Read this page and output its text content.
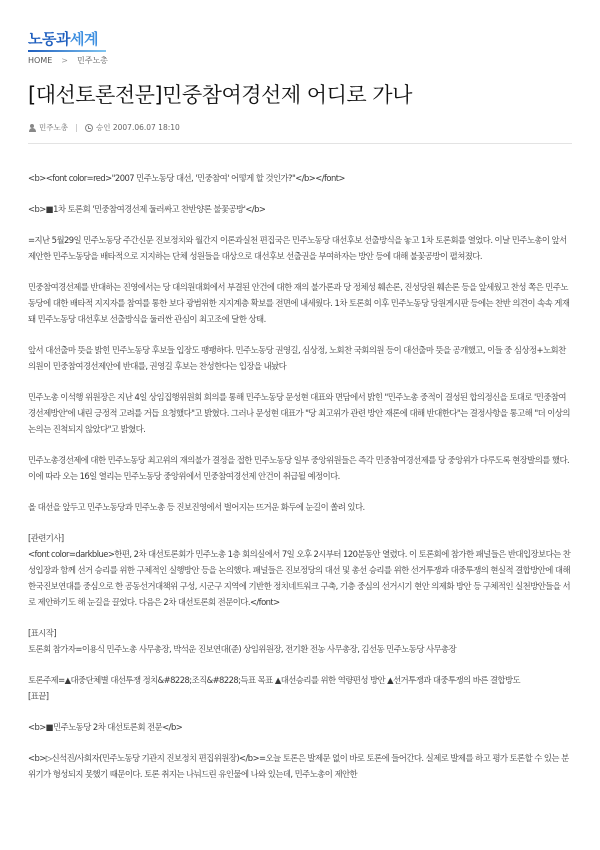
노동과세계
HOME > 민주노총
[대선토론전문]민중참여경선제 어디로 가나
민주노총	승인 2007.06.07 18:10

<b><font color=red>"2007 민주노동당 대선, '민중참여' 어떻게 할 것인가?"</b></font>

<b>■1차 토론회 '민중참여경선제 둘러싸고 찬반양론 불꽃공방'</b>

=지난 5월29일 민주노동당 주간신문 진보정치와 월간지 이론과실천 편집국은 민주노동당 대선후보 선출방식을 놓고 1차 토론회를 열었다. 이날 민주노총이 앞서 제안한 민주노동당을 배타적으로 지지하는 단체 성원들을 대상으로 대선후보 선출권을 부여하자는 방안 등에 대해 불꽃공방이 펼쳐졌다.

민중참여경선제를 반대하는 진영에서는 당 대의원대회에서 부결된 안건에 대한 재의 불가론과 당 정체성 훼손론, 진성당원 훼손론 등을 앞세웠고 찬성 쪽은 민주노동당에 대한 배타적 지지자를 참여를 통한 보다 광범위한 지지계층 확보를 전면에 내세웠다. 1차 토론회 이후 민주노동당 당원게시판 등에는 찬반 의견이 속속 게재돼 민주노동당 대선후보 선출방식을 둘러싼 관심이 최고조에 달한 상태.

앞서 대선출마 뜻을 밝힌 민주노동당 후보들 입장도 팽팽하다. 민주노동당 권영길, 심상정, 노회찬 국회의원 등이 대선출마 뜻을 공개했고, 이들 중 심상정+노회찬 의원이 민중참여경선제안에 반대를, 권영길 후보는 찬성한다는 입장을 내놨다

민주노총 이석행 위원장은 지난 4일 상임집행위원회 회의를 통해 민주노동당 문성현 대표와 면담에서 밝힌 "민주노총 중적이 결성된 합의정신을 토대로 '민중참여경선제방안'에 내린 긍정적 고려를 거듭 요청했다"고 밝혔다. 그러나 문성현 대표가 "당 최고위가 관련 방안 재론에 대해 반대한다"는 결정사항을 통고해 "더 이상의 논의는 진척되지 않았다"고 밝혔다.

민주노총경선제에 대한 민주노동당 최고위의 재의불가 결정을 접한 민주노동당 일부 중앙위원들은 즉각 민중참여경선제를 당 중앙위가 다루도록 현장발의를 했다. 이에 따라 오는 16일 열리는 민주노동당 중앙위에서 민중참여경선제 안건이 취급될 예정이다.

올 대선을 앞두고 민주노동당과 민주노총 등 진보진영에서 벌어지는 뜨거운 화두에 눈길이 쏠려 있다.

[관련기사]

<font color=darkblue>한편, 2차 대선토론회가 민주노총 1층 회의실에서 7일 오후 2시부터 120분동안 열렸다. 이 토론회에 참가한 패널들은 반대입장보다는 찬성입장과 함께 선거 승리를 위한 구체적인 실행방안 등을 논의했다. 패널들은 진보정당의 대선 및 총선 승리를 위한 선거투쟁과 대중투쟁의 현실적 결합방안에 대해 한국진보연대를 중심으로 한 공동선거대책위 구성, 시군구 지역에 기반한 정치네트워크 구축, 기층 중심의 선거시기 현안 의제화 방안 등 구체적인 실천방안들을 서로 제안하기도 해 눈길을 끌었다. 다음은 2차 대선토론회 전문이다.</font>

[표시작]

토론회 참가자=이용식 민주노총 사무총장, 박석운 진보연대(준) 상임위원장, 전기환 전농 사무총장, 김선동 민주노동당 사무총장

토론주제=▲대중단체별 대선투쟁 정치&#8228;조직&#8228;득표 목표 ▲대선승리를 위한 역량편성 방안 ▲선거투쟁과 대중투쟁의 바른 결합방도

[표끝]

<b>■민주노동당 2차 대선토론회 전문</b>

<b>▷신석진/사회자(민주노동당 기관지 진보정치 편집위원장)</b>=오늘 토론은 발제문 없이 바로 토론에 들어간다. 실제로 발제를 하고 평가 토론할 수 있는 분위기가 형성되지 못했기 때문이다. 토론 취지는 나눠드린 유인물에 나와 있는데, 민주노총이 제안한
